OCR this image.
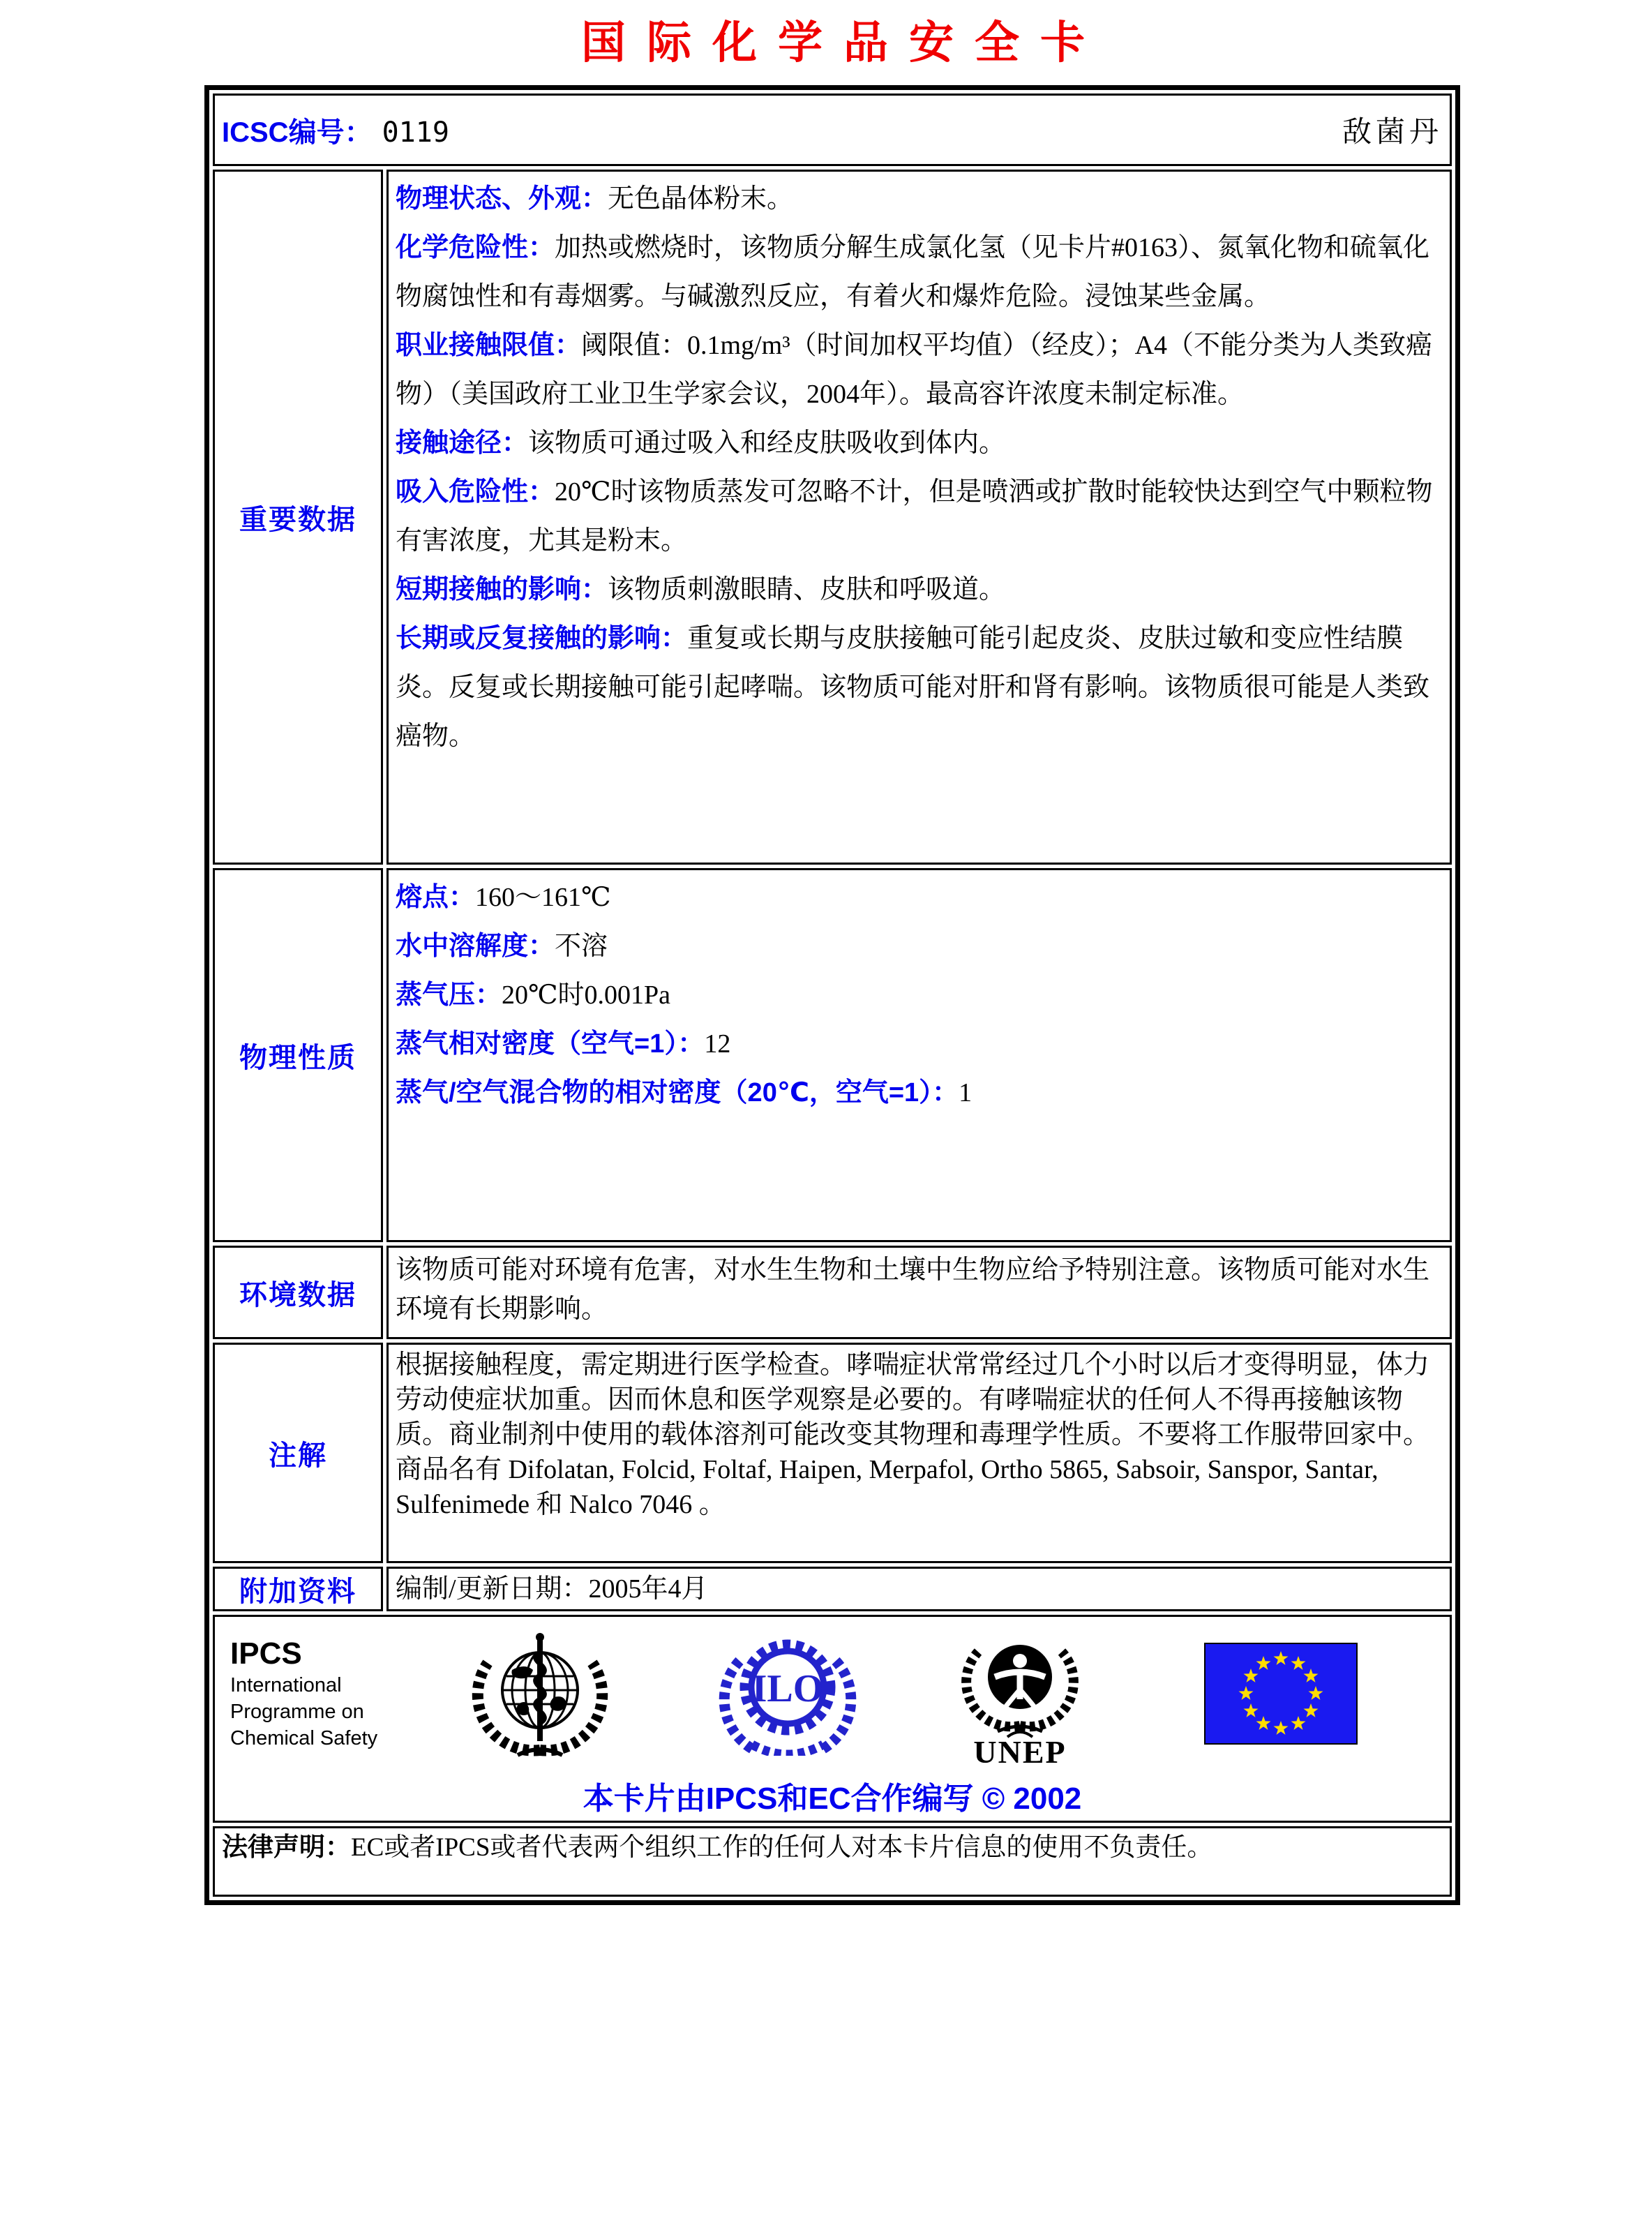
国际化学品安全卡
ICSC编号： 0119 敌菌丹	

重要数据	

物理状态、外观：无色晶体粉末。

化学危险性：加热或燃烧时，该物质分解生成氯化氢（见卡片#0163）、氮氧化物和硫氧化物腐蚀性和有毒烟雾。与碱激烈反应，有着火和爆炸危险。浸蚀某些金属。

职业接触限值：阈限值：0.1mg/m³（时间加权平均值）（经皮）；A4（不能分类为人类致癌物）（美国政府工业卫生学家会议，2004年）。最高容许浓度未制定标准。

接触途径：该物质可通过吸入和经皮肤吸收到体内。

吸入危险性：20℃时该物质蒸发可忽略不计，但是喷洒或扩散时能较快达到空气中颗粒物有害浓度，尤其是粉末。

短期接触的影响：该物质刺激眼睛、皮肤和呼吸道。

长期或反复接触的影响：重复或长期与皮肤接触可能引起皮炎、皮肤过敏和变应性结膜炎。反复或长期接触可能引起哮喘。该物质可能对肝和肾有影响。该物质很可能是人类致癌物。

物理性质	熔点：160～161℃

水中溶解度：不溶

蒸气压：20℃时0.001Pa

蒸气相对密度（空气=1）：12

蒸气/空气混合物的相对密度（20℃，空气=1）：1

环境数据	该物质可能对环境有危害，对水生生物和土壤中生物应给予特别注意。该物质可能对水生环境有长期影响。

注解	根据接触程度，需定期进行医学检查。哮喘症状常常经过几个小时以后才变得明显，体力劳动使症状加重。因而休息和医学观察是必要的。有哮喘症状的任何人不得再接触该物质。商业制剂中使用的载体溶剂可能改变其物理和毒理学性质。不要将工作服带回家中。商品名有 Difolatan, Folcid, Foltaf, Haipen, Merpafol, Ortho 5865, Sabsoir, Sanspor, Santar, Sulfenimede 和 Nalco 7046 。

附加资料	编制/更新日期：2005年4月

IPCS
International
Programme on
Chemical Safety
ILO
UNEP
本卡片由IPCS和EC合作编写 © 2002

法律声明：EC或者IPCS或者代表两个组织工作的任何人对本卡片信息的使用不负责任。	
